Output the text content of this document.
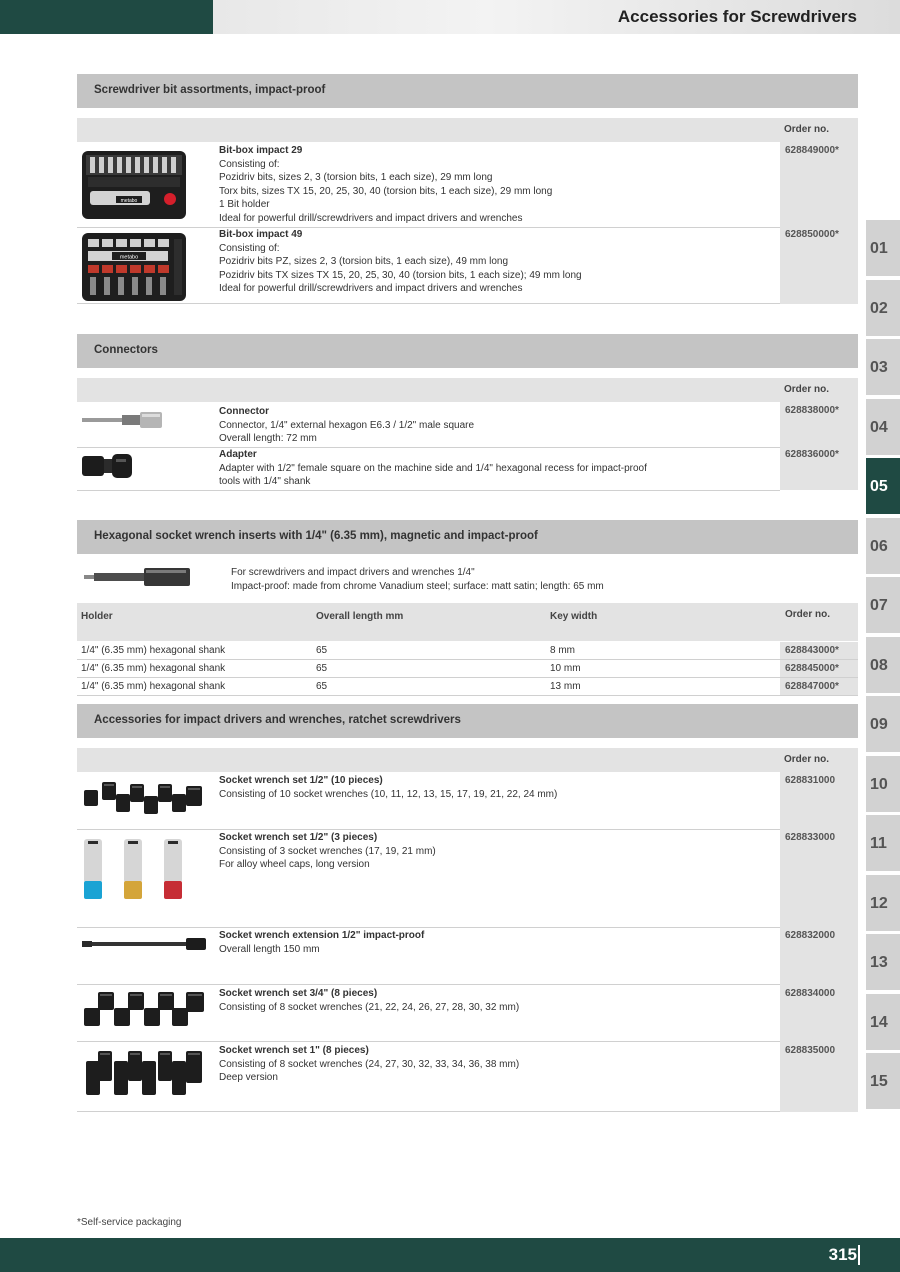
Accessories for Screwdrivers
Screwdriver bit assortments, impact-proof
Order no.
metabo
Bit-box impact 29
Consisting of:
Pozidriv bits, sizes 2, 3 (torsion bits, 1 each size), 29 mm long
Torx bits, sizes TX 15, 20, 25, 30, 40 (torsion bits, 1 each size), 29 mm long
1 Bit holder
Ideal for powerful drill/screwdrivers and impact drivers and wrenches
628849000*
metabo
Bit-box impact 49
Consisting of:
Pozidriv bits PZ, sizes 2, 3 (torsion bits, 1 each size), 49 mm long
Pozidriv bits TX sizes TX 15, 20, 25, 30, 40 (torsion bits, 1 each size); 49 mm long
Ideal for powerful drill/screwdrivers and impact drivers and wrenches
628850000*
Connectors
Order no.
Connector
Connector, 1/4" external hexagon E6.3 / 1/2" male square
Overall length: 72 mm
628838000*
Adapter
Adapter with 1/2" female square on the machine side and 1/4" hexagonal recess for impact-proof
tools with 1/4" shank
628836000*
Hexagonal socket wrench inserts with 1/4" (6.35 mm), magnetic and impact-proof
For screwdrivers and impact drivers and wrenches 1/4"
Impact-proof: made from chrome Vanadium steel; surface: matt satin; length: 65 mm
Holder	Overall length mm	Key width	Order no.
1/4" (6.35 mm) hexagonal shank	65	8 mm	628843000*
1/4" (6.35 mm) hexagonal shank	65	10 mm	628845000*
1/4" (6.35 mm) hexagonal shank	65	13 mm	628847000*
Accessories for impact drivers and wrenches, ratchet screwdrivers
Order no.
Socket wrench set 1/2" (10 pieces)
Consisting of 10 socket wrenches (10, 11, 12, 13, 15, 17, 19, 21, 22, 24 mm)
628831000
Socket wrench set 1/2" (3 pieces)
Consisting of 3 socket wrenches (17, 19, 21 mm)
For alloy wheel caps, long version
628833000
Socket wrench extension 1/2" impact-proof
Overall length 150 mm
628832000
Socket wrench set 3/4" (8 pieces)
Consisting of 8 socket wrenches (21, 22, 24, 26, 27, 28, 30, 32 mm)
628834000
Socket wrench set 1" (8 pieces)
Consisting of 8 socket wrenches (24, 27, 30, 32, 33, 34, 36, 38 mm)
Deep version
628835000
01
02
03
04
05
06
07
08
09
10
11
12
13
14
15
*Self-service packaging
315
